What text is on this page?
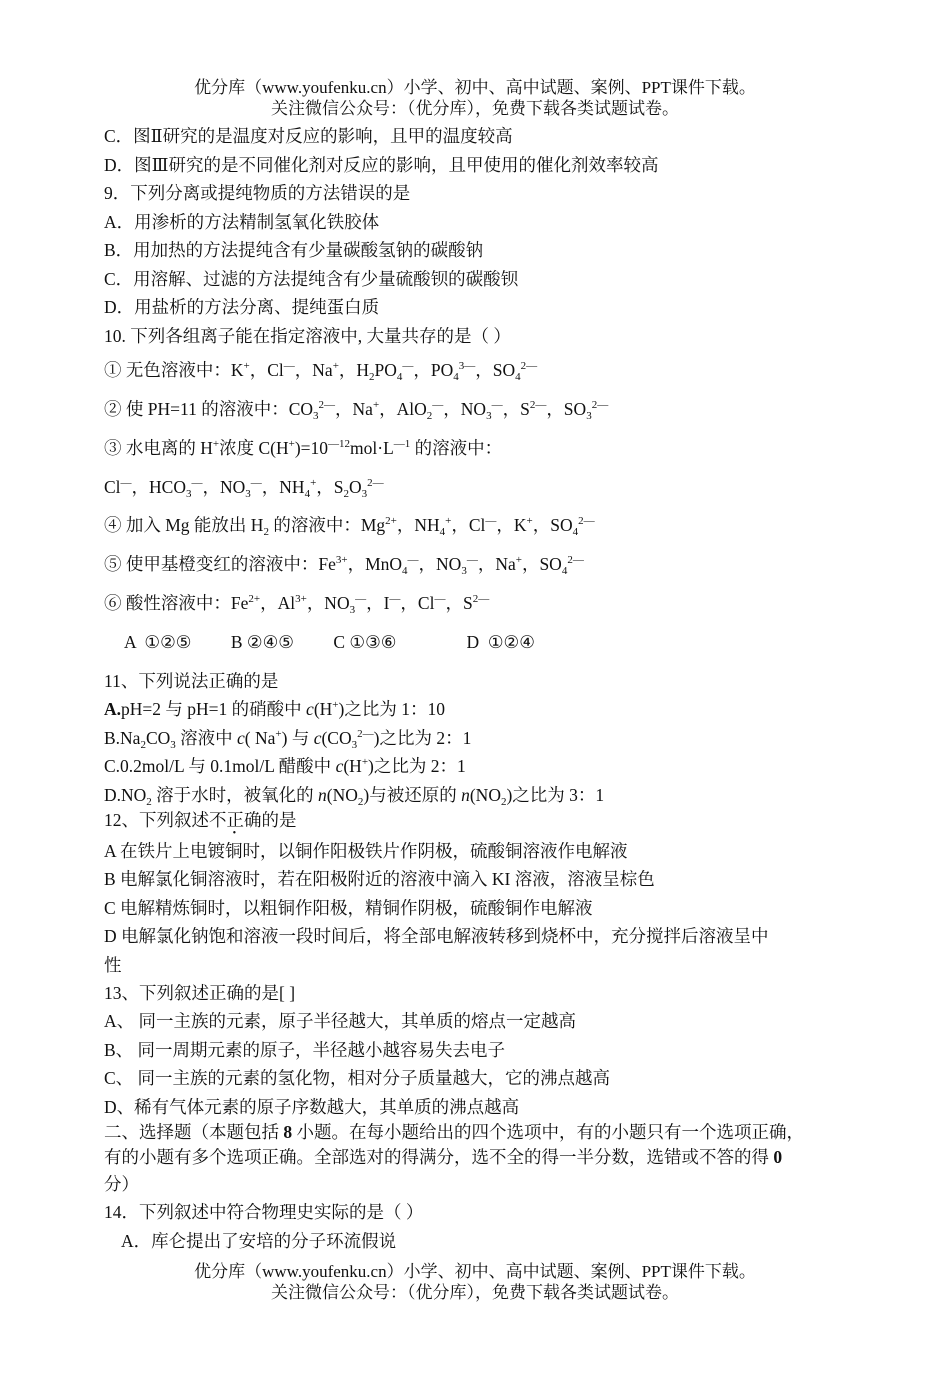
优分库（www.youfenku.cn）小学、初中、高中试题、案例、PPT课件下载。
关注微信公众号：（优分库），免费下载各类试题试卷。
C．图Ⅱ研究的是温度对反应的影响，且甲的温度较高
D．图Ⅲ研究的是不同催化剂对反应的影响，且甲使用的催化剂效率较高
9．下列分离或提纯物质的方法错误的是
A．用渗析的方法精制氢氧化铁胶体
B．用加热的方法提纯含有少量碳酸氢钠的碳酸钠
C．用溶解、过滤的方法提纯含有少量硫酸钡的碳酸钡
D．用盐析的方法分离、提纯蛋白质
10. 下列各组离子能在指定溶液中, 大量共存的是（ ）
① 无色溶液中：K+，Cl—，Na+，$H_2PO_4^—$，$PO_4^{3—}$，$SO_4^{2—}$
② 使 PH=11 的溶液中：$CO_3^{2—}$，Na+，AlO$_2$—，$NO_3^—$，$S^{2—}$，$SO_3^{2—}$
③ 水电离的 H+浓度 $C(H^+)=10^{—12}mol\cdot L^{—1}$ 的溶液中：
Cl—，$HCO_3^—$，$NO_3^—$，$NH_4^+$，$S_2O_3^{2—}$
④ 加入 Mg 能放出 $H_2$ 的溶液中：$Mg^{2+}$，$NH_4^+$，Cl—，K+，$SO_4^{2—}$
⑤ 使甲基橙变红的溶液中：$Fe^{3+}$，MnO$_4$—，$NO_3^—$，Na+，$SO_4^{2—}$
⑥ 酸性溶液中：$Fe^{2+}$，$Al^{3+}$，$NO_3^—$，I—，Cl—，$S^{2—}$
A  ①②⑤         B ②④⑤         C ①③⑥                D  ①②④
11、下列说法正确的是
A.pH=2 与 pH=1 的硝酸中 c(H+)之比为 1：10
$B.Na_2CO_3$ 溶液中 c( Na+) 与 $c(CO_3^{2—})$之比为 2：1
C.0.2mol/L 与 0.1mol/L 醋酸中 c(H+)之比为 2：1
$D.NO_2$ 溶于水时，被氧化的 $n(NO_2)$与被还原的 $n(NO_2)$之比为 3：1
12、下列叙述不正确的是
A 在铁片上电镀铜时，以铜作阳极铁片作阴极，硫酸铜溶液作电解液
B 电解氯化铜溶液时，若在阳极附近的溶液中滴入 KI 溶液，溶液呈棕色
C 电解精炼铜时，以粗铜作阳极，精铜作阴极，硫酸铜作电解液
D 电解氯化钠饱和溶液一段时间后，将全部电解液转移到烧杯中，充分搅拌后溶液呈中
性
13、下列叙述正确的是[ ]
A、 同一主族的元素，原子半径越大，其单质的熔点一定越高
B、 同一周期元素的原子，半径越小越容易失去电子
C、 同一主族的元素的氢化物，相对分子质量越大，它的沸点越高
D、稀有气体元素的原子序数越大，其单质的沸点越高
二、选择题（本题包括 8 小题。在每小题给出的四个选项中，有的小题只有一个选项正确，
有的小题有多个选项正确。全部选对的得满分，选不全的得一半分数，选错或不答的得 0
分）
14．下列叙述中符合物理史实际的是（ ）
A．库仑提出了安培的分子环流假说
优分库（www.youfenku.cn）小学、初中、高中试题、案例、PPT课件下载。
关注微信公众号：（优分库），免费下载各类试题试卷。
